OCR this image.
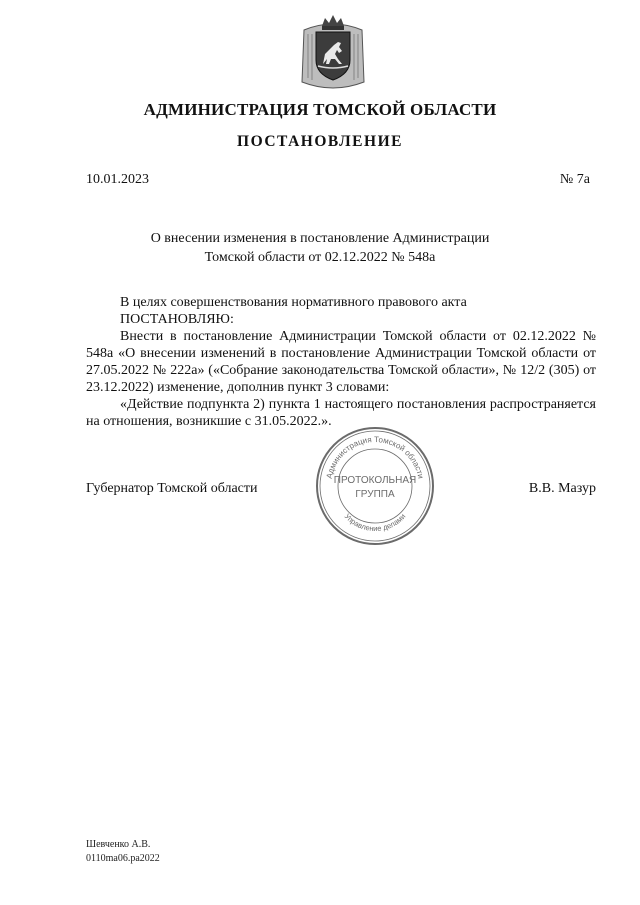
АДМИНИСТРАЦИЯ ТОМСКОЙ ОБЛАСТИ
ПОСТАНОВЛЕНИЕ
10.01.2023	№ 7а
О внесении изменения в постановление Администрации
Томской области от 02.12.2022 № 548а

В целях совершенствования нормативного правового акта

ПОСТАНОВЛЯЮ:

Внести в постановление Администрации Томской области от 02.12.2022 № 548а «О внесении изменений в постановление Администрации Томской области от 27.05.2022 № 222а» («Собрание законодательства Томской области», № 12/2 (305) от 23.12.2022) изменение, дополнив пункт 3 словами:

«Действие подпункта 2) пункта 1 настоящего постановления распространяется на отношения, возникшие с 31.05.2022.».

Губернатор Томской области	В.В. Мазур
Администрация Томской области
Управление делами
ПРОТОКОЛЬНАЯ
ГРУППА
Шевченко А.В.
0110ma06.pa2022
